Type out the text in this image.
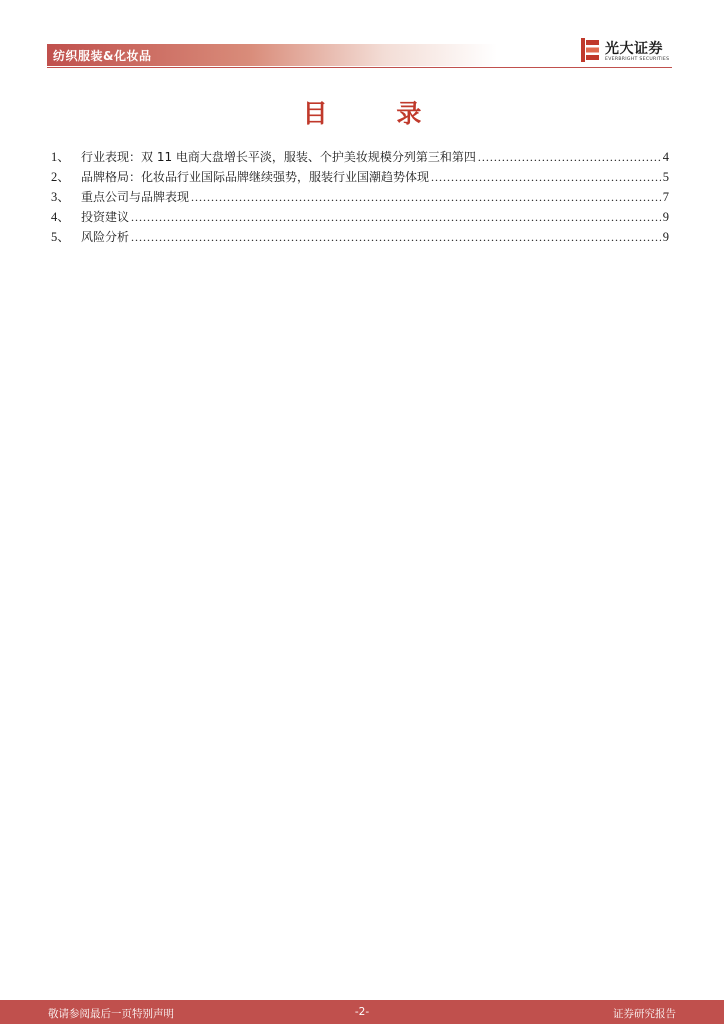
纺织服装&化妆品	光大证券
EVERBRIGHT SECURITIES
目 录
1、 行业表现：双 11 电商大盘增长平淡，服装、个护美妆规模分列第三和第四 .....	4
2、 品牌格局：化妆品行业国际品牌继续强势，服装行业国潮趋势体现 .....	5
3、 重点公司与品牌表现 .....	7
4、 投资建议 .....	9
5、 风险分析 .....	9
敬请参阅最后一页特别声明	-2-	证券研究报告
